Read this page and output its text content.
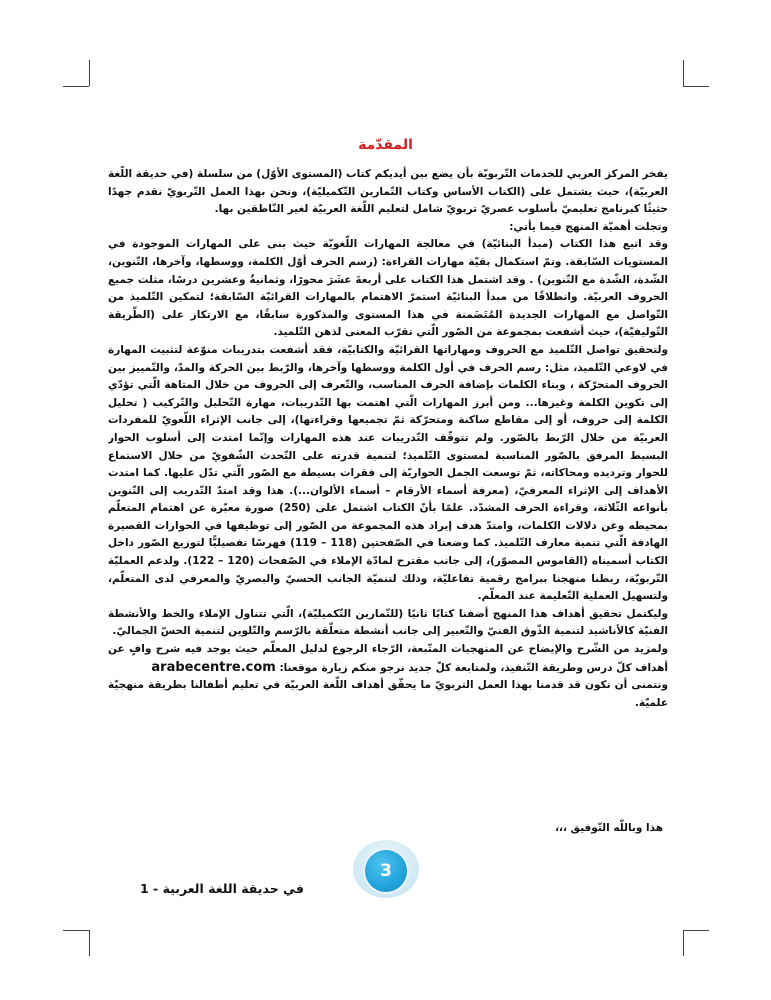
المقدّمة

يفخر المركز العربي للخدمات التّربويّة بأن يضع بين أيديكم كتاب (المستوى الأوّل) من سلسلة (في حديقة اللّغة العربيّة)، حيث يشتمل على (الكتاب الأساس وكتاب التّمارين التّكميليّة)، ونحن بهذا العمل التّربويّ نقدم جهدًا حثيثًا كبرنامج تعليميّ بأسلوب عصريّ تربويّ شامل لتعليم اللّغة العربيّة لغير النّاطقين بها.

وتجلت أهميّة المنهج فيما يأتي:

وقد اتبع هذا الكتاب (مبدأ البنائيّة) في معالجة المهارات اللّغويّة حيث بنى على المهارات الموجودة في المستويات السّابقة. وتمّ استكمال بقيّة مهارات القراءة: (رسم الحرف أوّل الكلمة، ووسطها، وآخرها، التّنوين، الشّدة، الشّدة مع التّنوين) . وقد اشتمل هذا الكتاب على أربعةَ عشَرَ محورًا، وثمانيةٌ وعشرين درسًا، مثلت جميع الحروف العربيّة. وانطلاقًا من مبدأ البنائيّة استمرّ الاهتمام بالمهارات القرائيّة السّابقة؛ لتمكين التّلميذ من التّواصل مع المهارات الجديدة المُتَضَمنة في هذا المستوى والمذكورة سابقًا، مع الارتكاز على (الطّريقة التّوليفيّة)، حيث أشفعت بمجموعة من الصّور الّتي تقرّب المعنى لذهن التّلميذ.

ولتحقيق تواصل التّلميذ مع الحروف ومهاراتها القرائيّة والكتابيّة، فقد أشفعت بتدريبات منوّعة لتثبيت المهارة في لاوعي التّلميذ، مثل: رسم الحرف في أول الكلمة ووسطها وآخرها، والرّبط بين الحركة والمدّ، والتّمييز بين الحروف المتحرّكة ، وبناء الكلمات بإضافة الحرف المناسب، والتّعرف إلى الحروف من خلال المتاهة الّتي تؤدّي إلى تكوين الكلمة وغيرها... ومن أبرز المهارات الّتي اهتمت بها التّدريبات، مهارة التّحليل والتّركيب ( تحليل الكلمة إلى حروف، أو إلى مقاطع ساكنة ومتحرّكة ثمّ تجميعها وقراءتها)، إلى جانب الإثراء اللّغويّ للمفردات العربيّة من خلال الرّبط بالصّور. ولم تتوقّف التّدريبات عند هذه المهارات وإنّما امتدت إلى أسلوب الحوار البسيط المرفق بالصّور المناسبة لمستوى التّلميذ؛ لتنمية قدرته على التّحدث الشّفويّ من خلال الاستماع للحوار وترديده ومحاكاته، ثمّ توسعت الجمل الحواريّة إلى فقرات بسيطة مع الصّور الّتي تدّل عليها. كما امتدت الأهداف إلى الإثراء المعرفيّ، (معرفة أسماء الأرقام – أسماء الألوان...). هذا وقد امتدّ التّدريب إلى التّنوين بأنواعه الثّلاثة، وقراءة الحرف المشدّد. علمًا بأنّ الكتاب اشتمل على (250) صورة معبّرة عن اهتمام المتعلّم بمحيطه وعن دلالات الكلمات، وامتدّ هدف إيراد هذه المجموعة من الصّور إلى توظيفها في الحوارات القصيرة الهادفة الّتي تنمية معارف التّلميذ. كما وضعنا في الصّفحتين (118 – 119) فهرسًا تفصيليًّا لتوزيع الصّور داخل الكتاب أسميناه (القاموس المصوّر)، إلى جانب مقترح لمادّة الإملاء في الصّفحات (120 – 122). ولدعم العمليّة التّربويّة، ربطنا منهجنا ببرامج رقمية تفاعليّة، وذلك لتنميّة الجانب الحسيّ والبصريّ والمعرفي لدى المتعلّم، ولتسهيل العملية التّعليمة عند المعلّم.

وليكتمل تحقيق أهداف هذا المنهج أضفنا كتابًا ثانيًا (للتّمارين التّكميليّة)، الّتي تتناول الإملاء والخط والأنشطة الفنيّة كالأناشيد لتنمية الذّوق الفنيّ والتّعبير إلى جانب أنشطة متعلّقة بالرّسم والتّلوين لتنمية الحسّ الجماليّ.

ولمزيد من الشّرح والإيضاح عن المنهجيات المتّبعة، الرّجاء الرجوع لدليل المعلّم حيث يوجد فيه شرح وافٍ عن أهداف كلّ درس وطريقة التّنفيذ، ولمتابعة كلّ جديد نرجو منكم زيارة موقعنا: arabecentre.com

ونتمنى أن نكون قد قدمنا بهذا العمل التربويّ ما يحقّق أهداف اللّغة العربيّة في تعليم أطفالنا بطريقة منهجيّة علميّة.

هذا وباللّه التّوفيق ،،،
في حديقة اللغة العربية - 1
3
